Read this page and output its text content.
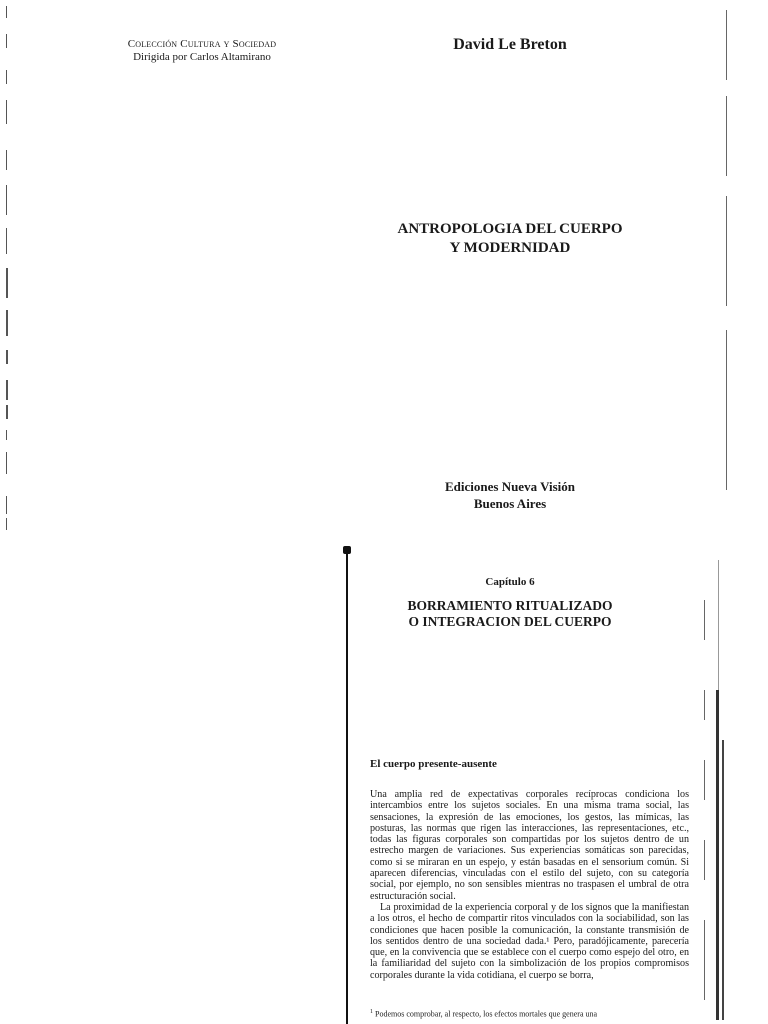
Colección Cultura y Sociedad
Dirigida por Carlos Altamirano
David Le Breton
ANTROPOLOGIA DEL CUERPO
Y MODERNIDAD
Ediciones Nueva Visión
Buenos Aires
Capítulo 6
BORRAMIENTO RITUALIZADO
O INTEGRACION DEL CUERPO
El cuerpo presente-ausente

Una amplia red de expectativas corporales recíprocas condiciona los intercambios entre los sujetos sociales. En una misma trama social, las sensaciones, la expresión de las emociones, los gestos, las mímicas, las posturas, las normas que rigen las interacciones, las representaciones, etc., todas las figuras corporales son compartidas por los sujetos dentro de un estrecho margen de variaciones. Sus experiencias somáticas son parecidas, como si se miraran en un espejo, y están basadas en el sensorium común. Si aparecen diferencias, vinculadas con el estilo del sujeto, con su categoría social, por ejemplo, no son sensibles mientras no traspasen el umbral de otra estructuración social.

La proximidad de la experiencia corporal y de los signos que la manifiestan a los otros, el hecho de compartir ritos vinculados con la sociabilidad, son las condiciones que hacen posible la comunicación, la constante transmisión de los sentidos dentro de una sociedad dada.¹ Pero, paradójicamente, parecería que, en la convivencia que se establece con el cuerpo como espejo del otro, en la familiaridad del sujeto con la simbolización de los propios compromisos corporales durante la vida cotidiana, el cuerpo se borra,

$^1$ Podemos comprobar, al respecto, los efectos mortales que genera una
